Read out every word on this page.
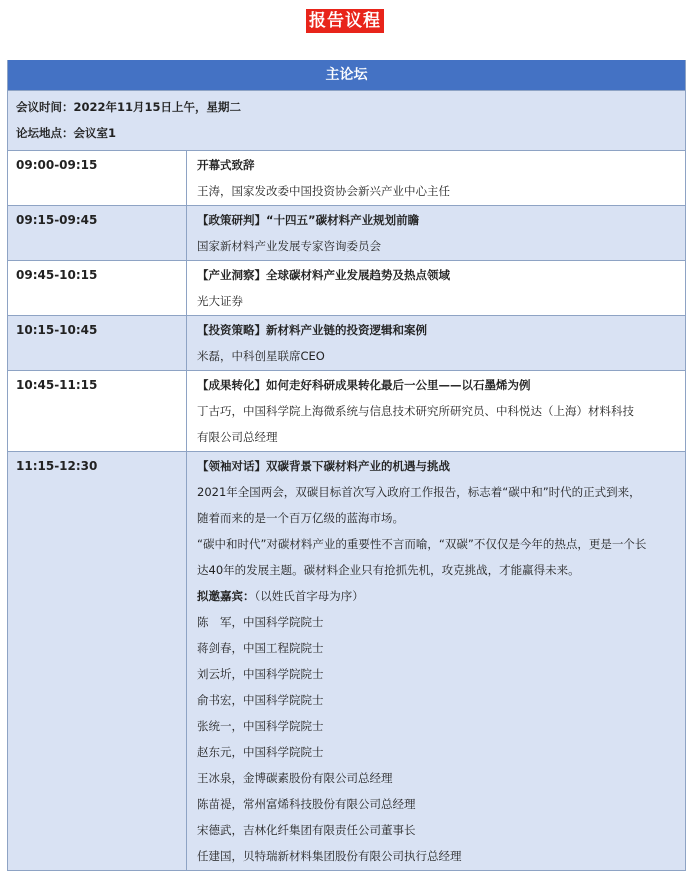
报告议程
主论坛
会议时间：2022年11月15日上午，星期二
论坛地点：会议室1
09:00-09:15	开幕式致辞
王涛，国家发改委中国投资协会新兴产业中心主任
09:15-09:45	【政策研判】“十四五”碳材料产业规划前瞻
国家新材料产业发展专家咨询委员会
09:45-10:15	【产业洞察】全球碳材料产业发展趋势及热点领域
光大证券
10:15-10:45	【投资策略】新材料产业链的投资逻辑和案例
米磊，中科创星联席CEO
10:45-11:15	【成果转化】如何走好科研成果转化最后一公里——以石墨烯为例
丁古巧，中国科学院上海微系统与信息技术研究所研究员、中科悦达（上海）材料科技
有限公司总经理
11:15-12:30	【领袖对话】双碳背景下碳材料产业的机遇与挑战
2021年全国两会，双碳目标首次写入政府工作报告，标志着“碳中和”时代的正式到来，
随着而来的是一个百万亿级的蓝海市场。
“碳中和时代”对碳材料产业的重要性不言而喻，“双碳”不仅仅是今年的热点，更是一个长
达40年的发展主题。碳材料企业只有抢抓先机，攻克挑战，才能赢得未来。
拟邀嘉宾：（以姓氏首字母为序）
陈　军，中国科学院院士
蒋剑春，中国工程院院士
刘云圻，中国科学院院士
俞书宏，中国科学院院士
张统一，中国科学院院士
赵东元，中国科学院院士
王冰泉，金博碳素股份有限公司总经理
陈苗禔，常州富烯科技股份有限公司总经理
宋德武，吉林化纤集团有限责任公司董事长
任建国，贝特瑞新材料集团股份有限公司执行总经理
